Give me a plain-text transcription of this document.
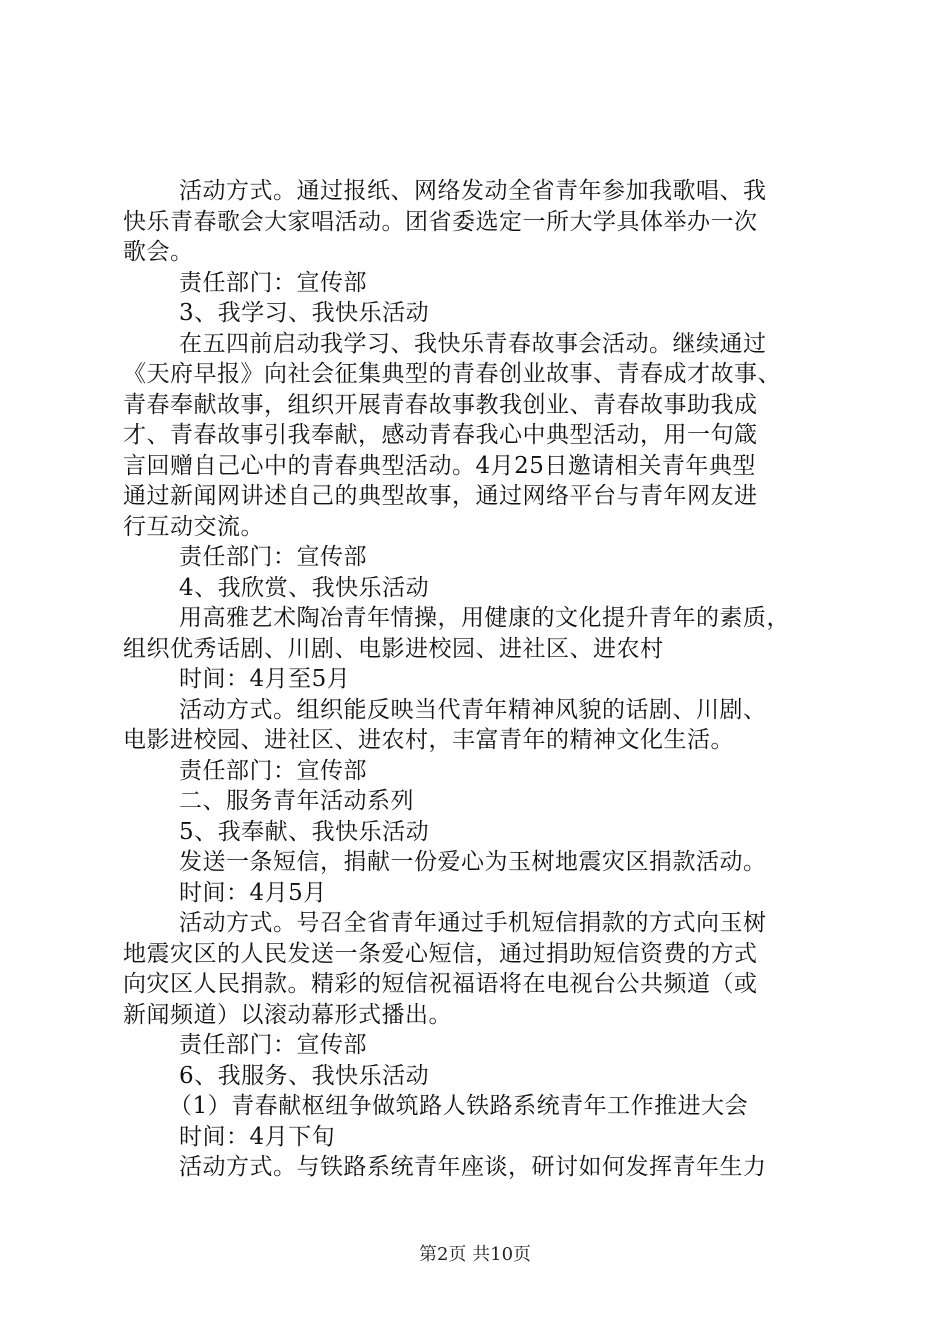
活动方式。通过报纸、网络发动全省青年参加我歌唱、我
快乐青春歌会大家唱活动。团省委选定一所大学具体举办一次
歌会。
责任部门：宣传部
3、我学习、我快乐活动
在五四前启动我学习、我快乐青春故事会活动。继续通过
《天府早报》向社会征集典型的青春创业故事、青春成才故事、
青春奉献故事，组织开展青春故事教我创业、青春故事助我成
才、青春故事引我奉献，感动青春我心中典型活动，用一句箴
言回赠自己心中的青春典型活动。4月25日邀请相关青年典型
通过新闻网讲述自己的典型故事，通过网络平台与青年网友进
行互动交流。
责任部门：宣传部
4、我欣赏、我快乐活动
用高雅艺术陶冶青年情操，用健康的文化提升青年的素质，
组织优秀话剧、川剧、电影进校园、进社区、进农村
时间：4月至5月
活动方式。组织能反映当代青年精神风貌的话剧、川剧、
电影进校园、进社区、进农村，丰富青年的精神文化生活。
责任部门：宣传部
二、服务青年活动系列
5、我奉献、我快乐活动
发送一条短信，捐献一份爱心为玉树地震灾区捐款活动。
时间：4月5月
活动方式。号召全省青年通过手机短信捐款的方式向玉树
地震灾区的人民发送一条爱心短信，通过捐助短信资费的方式
向灾区人民捐款。精彩的短信祝福语将在电视台公共频道（或
新闻频道）以滚动幕形式播出。
责任部门：宣传部
6、我服务、我快乐活动
（1）青春献枢纽争做筑路人铁路系统青年工作推进大会
时间：4月下旬
活动方式。与铁路系统青年座谈，研讨如何发挥青年生力
第2页 共10页
